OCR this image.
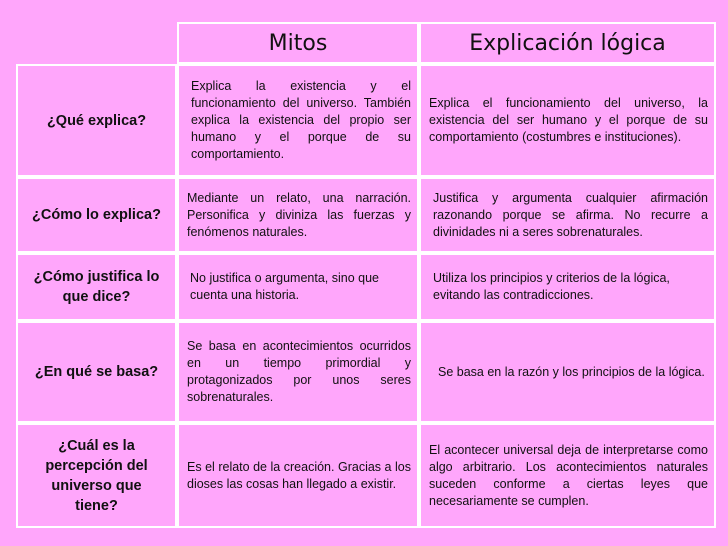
Mitos	Explicación lógica
¿Qué explica?
Explica la existencia y el funcionamiento del universo. También explica la existencia del propio ser humano y el porque de su comportamiento.
Explica el funcionamiento del universo, la existencia del ser humano y el porque de su comportamiento (costumbres e instituciones).
¿Cómo lo explica?
Mediante un relato, una narración. Personifica y diviniza las fuerzas y fenómenos naturales.
Justifica y argumenta cualquier afirmación razonando porque se afirma. No recurre a divinidades ni a seres sobrenaturales.
¿Cómo justifica lo que dice?
No justifica o argumenta, sino que cuenta una historia.
Utiliza los principios y criterios de la lógica, evitando las contradicciones.
¿En qué se basa?
Se basa en acontecimientos ocurridos en un tiempo primordial y protagonizados por unos seres sobrenaturales.
Se basa en la razón y los principios de la lógica.
¿Cuál es la percepción del universo que tiene?
Es el relato de la creación. Gracias a los dioses las cosas han llegado a existir.
El acontecer universal deja de interpretarse como algo arbitrario. Los acontecimientos naturales suceden conforme a ciertas leyes que necesariamente se cumplen.
